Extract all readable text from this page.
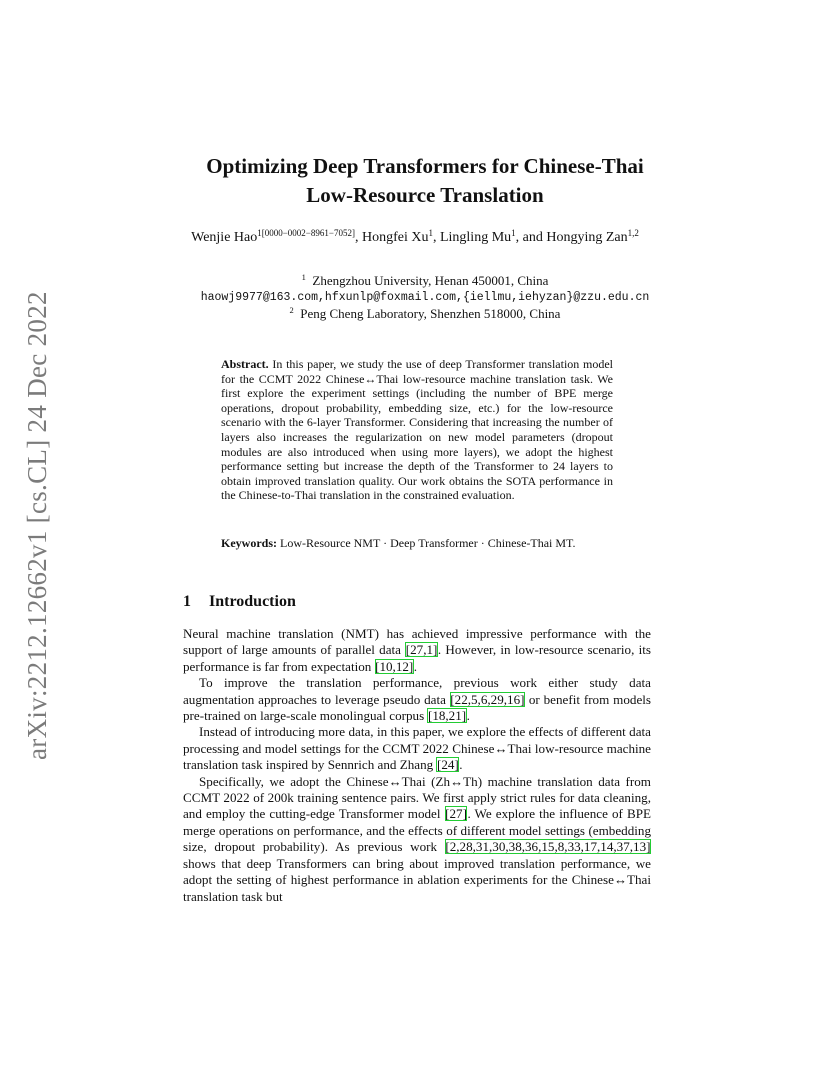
arXiv:2212.12662v1 [cs.CL] 24 Dec 2022
Optimizing Deep Transformers for Chinese-Thai
Low-Resource Translation
Wenjie Hao$^{1[0000-0002-8961-7052]}$, Hongfei Xu$^1$, Lingling Mu$^1$, and Hongying Zan$^{1,2}$
$^1$ Zhengzhou University, Henan 450001, China
haowj9977@163.com,hfxunlp@foxmail.com,{iellmu,iehyzan}@zzu.edu.cn
$^2$ Peng Cheng Laboratory, Shenzhen 518000, China
Abstract. In this paper, we study the use of deep Transformer translation model for the CCMT 2022 Chinese↔Thai low-resource machine translation task. We first explore the experiment settings (including the number of BPE merge operations, dropout probability, embedding size, etc.) for the low-resource scenario with the 6-layer Transformer. Considering that increasing the number of layers also increases the regularization on new model parameters (dropout modules are also introduced when using more layers), we adopt the highest performance setting but increase the depth of the Transformer to 24 layers to obtain improved translation quality. Our work obtains the SOTA performance in the Chinese-to-Thai translation in the constrained evaluation.
Keywords: Low-Resource NMT · Deep Transformer · Chinese-Thai MT.
1 Introduction

Neural machine translation (NMT) has achieved impressive performance with the support of large amounts of parallel data [27,1]. However, in low-resource scenario, its performance is far from expectation [10,12].

To improve the translation performance, previous work either study data augmentation approaches to leverage pseudo data [22,5,6,29,16] or benefit from models pre-trained on large-scale monolingual corpus [18,21].

Instead of introducing more data, in this paper, we explore the effects of different data processing and model settings for the CCMT 2022 Chinese↔Thai low-resource machine translation task inspired by Sennrich and Zhang [24].

Specifically, we adopt the Chinese↔Thai (Zh↔Th) machine translation data from CCMT 2022 of 200k training sentence pairs. We first apply strict rules for data cleaning, and employ the cutting-edge Transformer model [27]. We explore the influence of BPE merge operations on performance, and the effects of different model settings (embedding size, dropout probability). As previous work [2,28,31,30,38,36,15,8,33,17,14,37,13] shows that deep Transformers can bring about improved translation performance, we adopt the setting of highest performance in ablation experiments for the Chinese↔Thai translation task but
